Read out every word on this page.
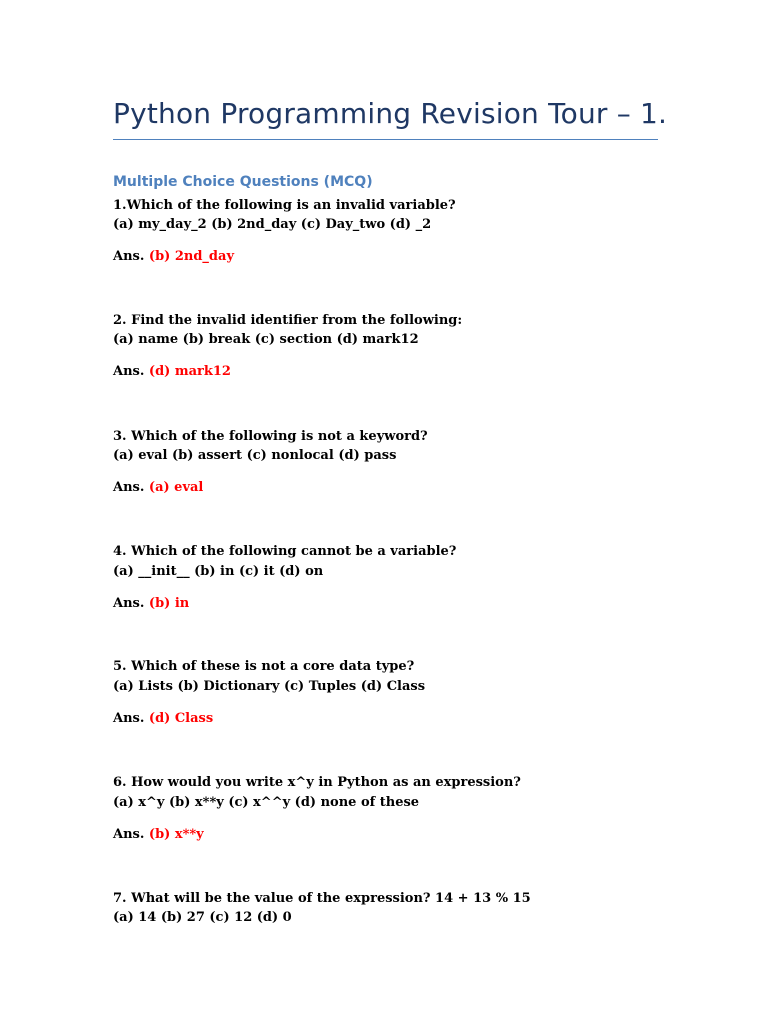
Python Programming Revision Tour – 1.
Multiple Choice Questions (MCQ)
1.Which of the following is an invalid variable?
(a) my_day_2 (b) 2nd_day (c) Day_two (d) _2
Ans. (b) 2nd_day
2. Find the invalid identifier from the following:
(a) name (b) break (c) section (d) mark12
Ans. (d) mark12
3. Which of the following is not a keyword?
(a) eval (b) assert (c) nonlocal (d) pass
Ans. (a) eval
4. Which of the following cannot be a variable?
(a) __init__ (b) in (c) it (d) on
Ans. (b) in
5. Which of these is not a core data type?
(a) Lists (b) Dictionary (c) Tuples (d) Class
Ans. (d) Class
6. How would you write x^y in Python as an expression?
(a) x^y (b) x**y (c) x^^y (d) none of these
Ans. (b) x**y
7. What will be the value of the expression? 14 + 13 % 15
(a) 14 (b) 27 (c) 12 (d) 0
